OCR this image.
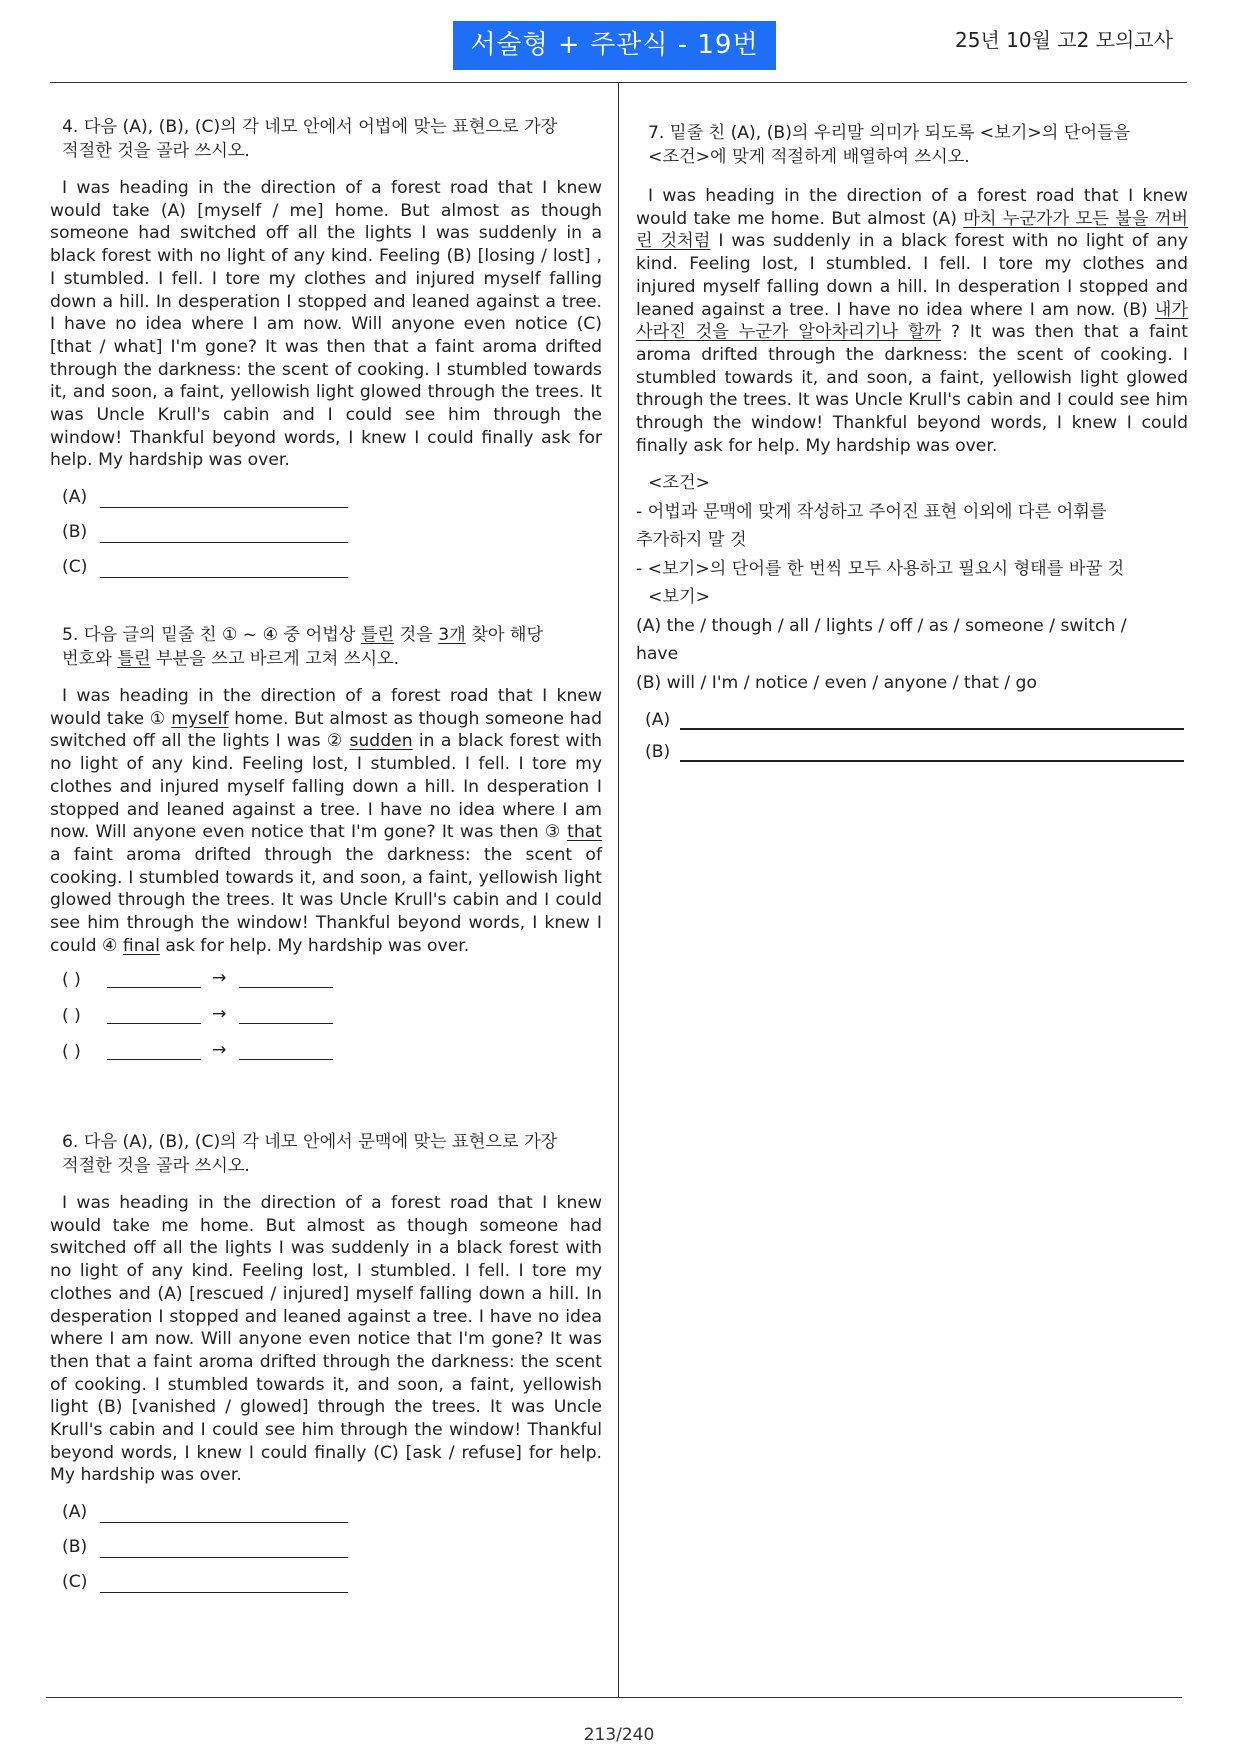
서술형 + 주관식 - 19번	25년 10월 고2 모의고사

4. 다음 (A), (B), (C)의 각 네모 안에서 어법에 맞는 표현으로 가장
적절한 것을 골라 쓰시오.

I was heading in the direction of a forest road that I knew would take (A) [myself / me] home. But almost as though someone had switched off all the lights I was suddenly in a black forest with no light of any kind. Feeling (B) [losing / lost] , I stumbled. I fell. I tore my clothes and injured myself falling down a hill. In desperation I stopped and leaned against a tree. I have no idea where I am now. Will anyone even notice (C) [that / what] I'm gone? It was then that a faint aroma drifted through the darkness: the scent of cooking. I stumbled towards it, and soon, a faint, yellowish light glowed through the trees. It was Uncle Krull's cabin and I could see him through the window! Thankful beyond words, I knew I could finally ask for help. My hardship was over.

(A)
(B)
(C)

5. 다음 글의 밑줄 친 ① ~ ④ 중 어법상 틀린 것을 3개 찾아 해당
번호와 틀린 부분을 쓰고 바르게 고쳐 쓰시오.

I was heading in the direction of a forest road that I knew would take ① myself home. But almost as though someone had switched off all the lights I was ② sudden in a black forest with no light of any kind. Feeling lost, I stumbled. I fell. I tore my clothes and injured myself falling down a hill. In desperation I stopped and leaned against a tree. I have no idea where I am now. Will anyone even notice that I'm gone? It was then ③ that a faint aroma drifted through the darkness: the scent of cooking. I stumbled towards it, and soon, a faint, yellowish light glowed through the trees. It was Uncle Krull's cabin and I could see him through the window! Thankful beyond words, I knew I could ④ final ask for help. My hardship was over.

( )	→
( )	→
( )	→

6. 다음 (A), (B), (C)의 각 네모 안에서 문맥에 맞는 표현으로 가장
적절한 것을 골라 쓰시오.

I was heading in the direction of a forest road that I knew would take me home. But almost as though someone had switched off all the lights I was suddenly in a black forest with no light of any kind. Feeling lost, I stumbled. I fell. I tore my clothes and (A) [rescued / injured] myself falling down a hill. In desperation I stopped and leaned against a tree. I have no idea where I am now. Will anyone even notice that I'm gone? It was then that a faint aroma drifted through the darkness: the scent of cooking. I stumbled towards it, and soon, a faint, yellowish light (B) [vanished / glowed] through the trees. It was Uncle Krull's cabin and I could see him through the window! Thankful beyond words, I knew I could finally (C) [ask / refuse] for help. My hardship was over.

(A)
(B)
(C)

7. 밑줄 친 (A), (B)의 우리말 의미가 되도록 <보기>의 단어들을
<조건>에 맞게 적절하게 배열하여 쓰시오.

I was heading in the direction of a forest road that I knew would take me home. But almost (A) 마치 누군가가 모든 불을 꺼버린 것처럼 I was suddenly in a black forest with no light of any kind. Feeling lost, I stumbled. I fell. I tore my clothes and injured myself falling down a hill. In desperation I stopped and leaned against a tree. I have no idea where I am now. (B) 내가 사라진 것을 누군가 알아차리기나 할까 ? It was then that a faint aroma drifted through the darkness: the scent of cooking. I stumbled towards it, and soon, a faint, yellowish light glowed through the trees. It was Uncle Krull's cabin and I could see him through the window! Thankful beyond words, I knew I could finally ask for help. My hardship was over.

<조건>

- 어법과 문맥에 맞게 작성하고 주어진 표현 이외에 다른 어휘를

추가하지 말 것

- <보기>의 단어를 한 번씩 모두 사용하고 필요시 형태를 바꿀 것

<보기>

(A) the / though / all / lights / off / as / someone / switch /

have

(B) will / I'm / notice / even / anyone / that / go

(A)
(B)
213/240
